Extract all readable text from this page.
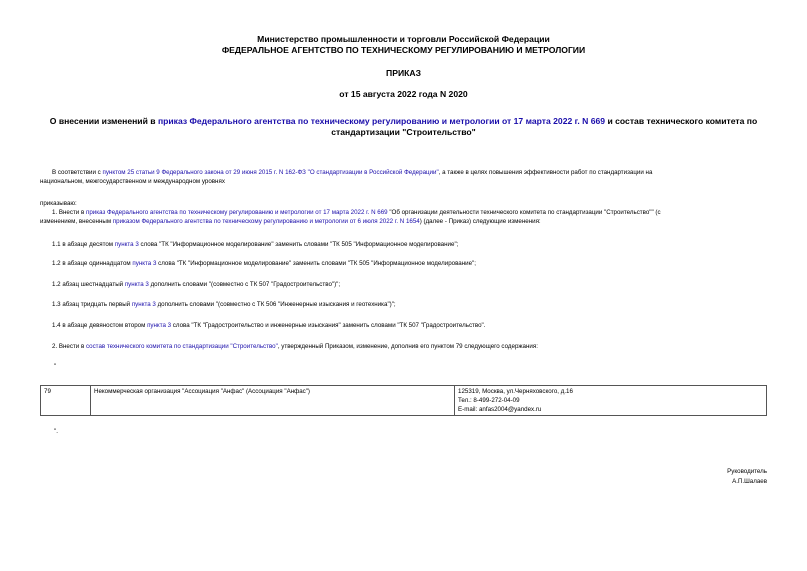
Министерство промышленности и торговли Российской Федерации
ФЕДЕРАЛЬНОЕ АГЕНТСТВО ПО ТЕХНИЧЕСКОМУ РЕГУЛИРОВАНИЮ И МЕТРОЛОГИИ
ПРИКАЗ
от 15 августа 2022 года N 2020
О внесении изменений в приказ Федерального агентства по техническому регулированию и метрологии от 17 марта 2022 г. N 669 и состав технического комитета по стандартизации "Строительство"
В соответствии с пунктом 25 статьи 9 Федерального закона от 29 июня 2015 г. N 162-ФЗ "О стандартизации в Российской Федерации", а также в целях повышения эффективности работ по стандартизации на
национальном, межгосударственном и международном уровнях
приказываю:
1. Внести в приказ Федерального агентства по техническому регулированию и метрологии от 17 марта 2022 г. N 669 "Об организации деятельности технического комитета по стандартизации "Строительство"" (с
изменением, внесенным приказом Федерального агентства по техническому регулированию и метрологии от 6 июля 2022 г. N 1654) (далее - Приказ) следующие изменения:
1.1 в абзаце десятом пункта 3 слова "ТК "Информационное моделирование" заменить словами "ТК 505 "Информационное моделирование";
1.2 в абзаце одиннадцатом пункта 3 слова "ТК "Информационное моделирование" заменить словами "ТК 505 "Информационное моделирование";
1.2 абзац шестнадцатый пункта 3 дополнить словами "(совместно с ТК 507 "Градостроительство")";
1.3 абзац тридцать первый пункта 3 дополнить словами "(совместно с ТК 506 "Инженерные изыскания и геотехника")";
1.4 в абзаце девяностом втором пункта 3 слова "ТК "Градостроительство и инженерные изыскания" заменить словами "ТК 507 "Градостроительство".
2. Внести в состав технического комитета по стандартизации "Строительство", утвержденный Приказом, изменение, дополнив его пунктом 79 следующего содержания:
"
79	Некоммерческая организация "Ассоциация "Анфас" (Ассоциация "Анфас")	125319, Москва, ул.Черняховского, д.16
Тел.: 8-499-272-04-09
E-mail: anfas2004@yandex.ru
".
Руководитель
А.П.Шалаев
